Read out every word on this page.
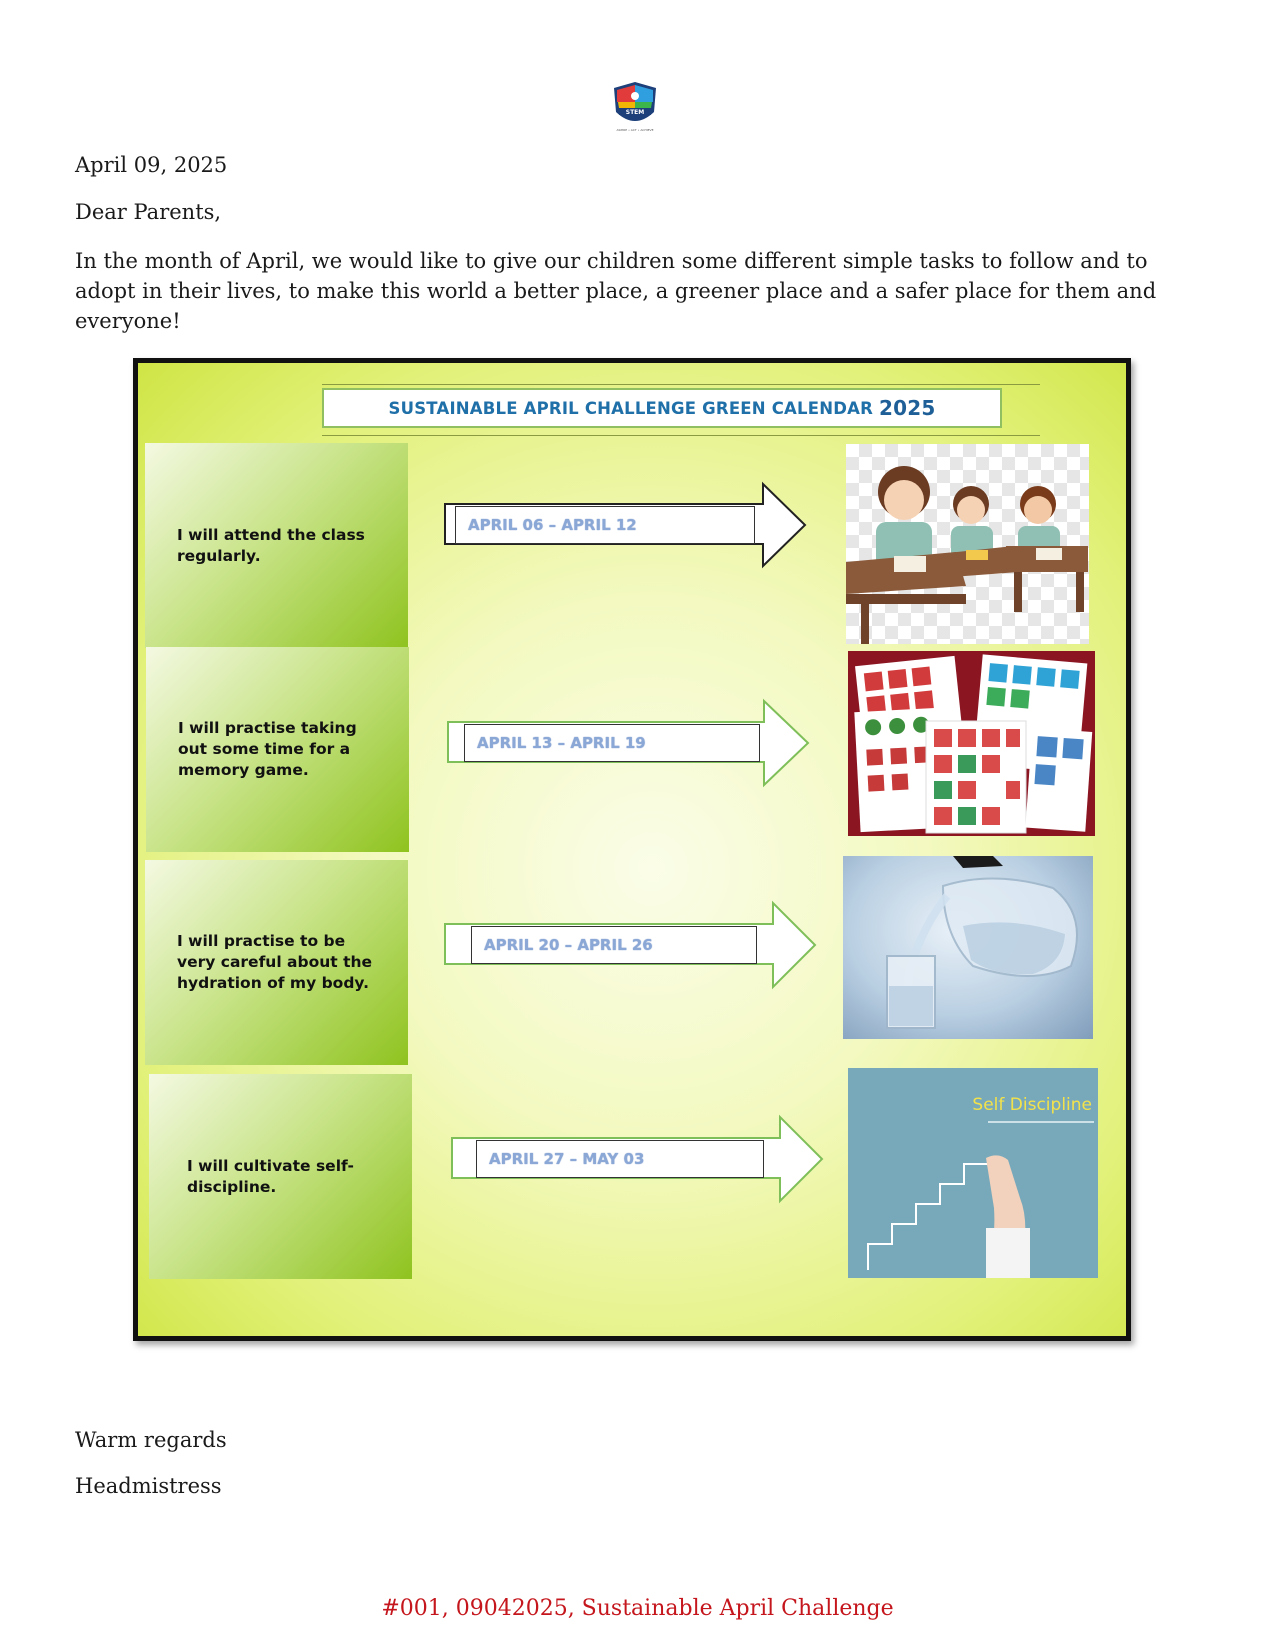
STEM
ASPIRE • ACT • ACHIEVE
April 09, 2025
Dear Parents,
In the month of April, we would like to give our children some different simple tasks to follow and to adopt in their lives, to make this world a better place, a greener place and a safer place for them and everyone!
SUSTAINABLE APRIL CHALLENGE GREEN CALENDAR 2025
I will attend the class regularly.
APRIL 06 – APRIL 12
I will practise taking out some time for a memory game.
APRIL 13 – APRIL 19
I will practise to be very careful about the hydration of my body.
APRIL 20 – APRIL 26
I will cultivate self-discipline.
APRIL 27 – MAY 03
Self Discipline
Warm regards
Headmistress
#001, 09042025, Sustainable April Challenge
